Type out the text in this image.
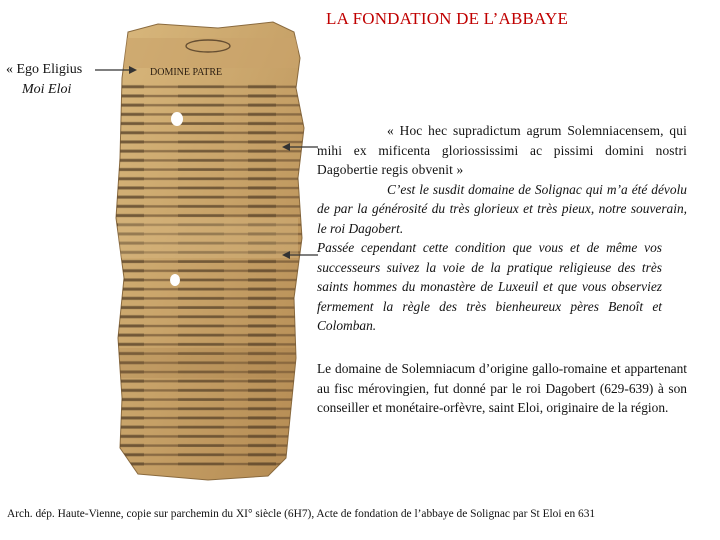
LA FONDATION DE L’ABBAYE
DOMINE PATRE
« Ego Eligius
Moi Eloi
« Hoc hec supradictum agrum Solemniacensem, qui mihi ex mificenta gloriossissimi ac pissimi domini nostri Dagobertie regis obvenit »
C’est le susdit domaine de Solignac qui m’a été dévolu de par la générosité du très glorieux et très pieux, notre souverain, le roi Dagobert.
Passée cependant cette condition que vous et de même vos successeurs suivez la voie de la pratique religieuse des très saints hommes du monastère de Luxeuil et que vous observiez fermement la règle des très bienheureux pères Benoît et Colomban.
Le domaine de Solemniacum d’origine gallo-romaine et appartenant au fisc mérovingien, fut donné par le roi Dagobert (629-639) à son conseiller et monétaire-orfèvre, saint Eloi, originaire de la région.
Arch. dép. Haute-Vienne, copie sur parchemin du XI° siècle (6H7), Acte de fondation de l’abbaye de Solignac par St Eloi en 631
